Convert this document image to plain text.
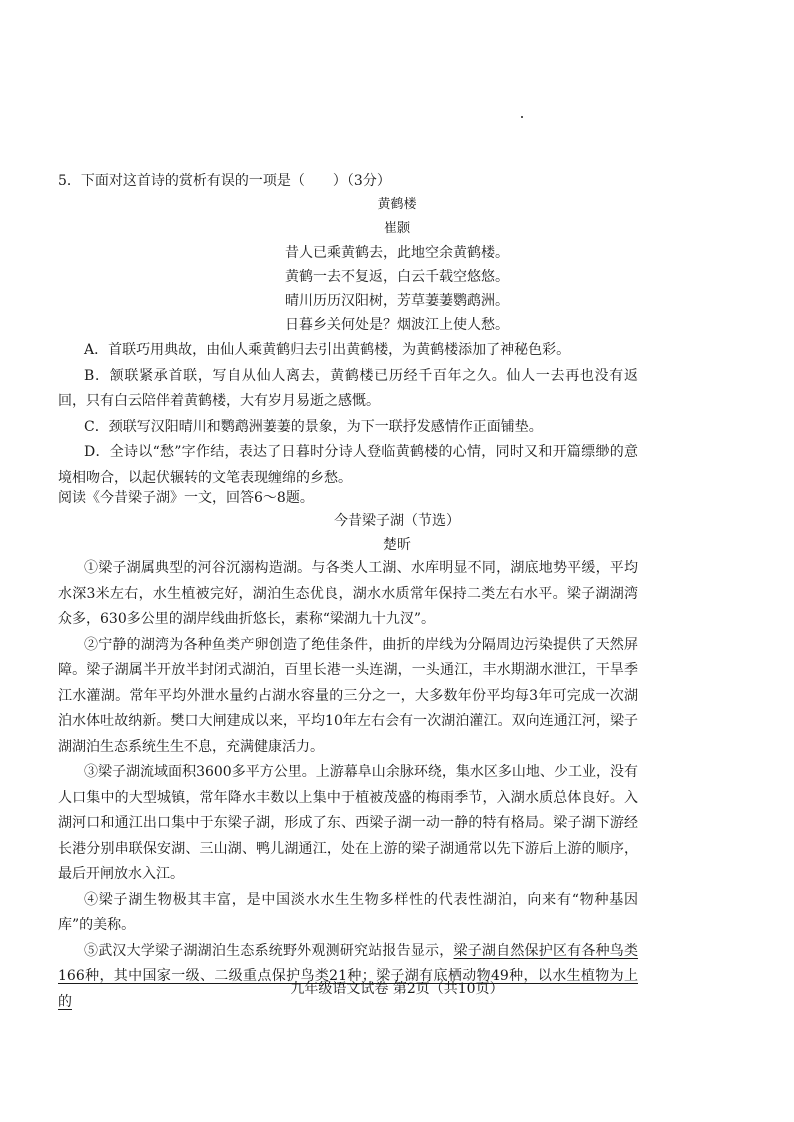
5．下面对这首诗的赏析有误的一项是（　　）（3分）
黄鹤楼
崔颢
昔人已乘黄鹤去，此地空余黄鹤楼。
黄鹤一去不复返，白云千载空悠悠。
晴川历历汉阳树，芳草萋萋鹦鹉洲。
日暮乡关何处是？烟波江上使人愁。

A．首联巧用典故，由仙人乘黄鹤归去引出黄鹤楼，为黄鹤楼添加了神秘色彩。

B．颔联紧承首联，写自从仙人离去，黄鹤楼已历经千百年之久。仙人一去再也没有返回，只有白云陪伴着黄鹤楼，大有岁月易逝之感慨。

C．颈联写汉阳晴川和鹦鹉洲萋萋的景象，为下一联抒发感情作正面铺垫。

D．全诗以“愁”字作结，表达了日暮时分诗人登临黄鹤楼的心情，同时又和开篇缥缈的意境相吻合，以起伏辗转的文笔表现缠绵的乡愁。

阅读《今昔梁子湖》一文，回答6～8题。
今昔梁子湖（节选）
楚昕

①梁子湖属典型的河谷沉溺构造湖。与各类人工湖、水库明显不同，湖底地势平缓，平均水深3米左右，水生植被完好，湖泊生态优良，湖水水质常年保持二类左右水平。梁子湖湖湾众多，630多公里的湖岸线曲折悠长，素称“梁湖九十九汊”。

②宁静的湖湾为各种鱼类产卵创造了绝佳条件，曲折的岸线为分隔周边污染提供了天然屏障。梁子湖属半开放半封闭式湖泊，百里长港一头连湖，一头通江，丰水期湖水泄江，干旱季江水灌湖。常年平均外泄水量约占湖水容量的三分之一，大多数年份平均每3年可完成一次湖泊水体吐故纳新。樊口大闸建成以来，平均10年左右会有一次湖泊灌江。双向连通江河，梁子湖湖泊生态系统生生不息，充满健康活力。

③梁子湖流域面积3600多平方公里。上游幕阜山余脉环绕，集水区多山地、少工业，没有人口集中的大型城镇，常年降水丰数以上集中于植被茂盛的梅雨季节，入湖水质总体良好。入湖河口和通江出口集中于东梁子湖，形成了东、西梁子湖一动一静的特有格局。梁子湖下游经长港分别串联保安湖、三山湖、鸭儿湖通江，处在上游的梁子湖通常以先下游后上游的顺序，最后开闸放水入江。

④梁子湖生物极其丰富，是中国淡水水生生物多样性的代表性湖泊，向来有“物种基因库”的美称。

⑤武汉大学梁子湖湖泊生态系统野外观测研究站报告显示，梁子湖自然保护区有各种鸟类166种，其中国家一级、二级重点保护鸟类21种；梁子湖有底栖动物49种，以水生植物为上的

九年级语文试卷 第2页（共10页）
